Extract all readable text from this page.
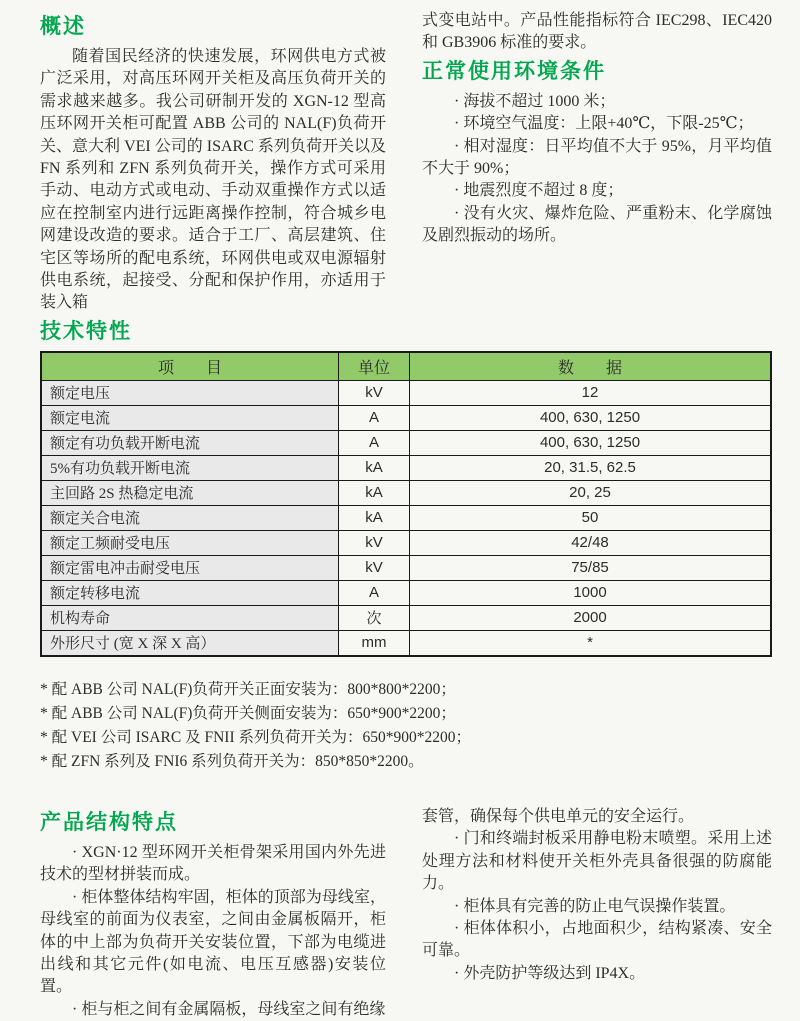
概述

随着国民经济的快速发展，环网供电方式被广泛采用，对高压环网开关柜及高压负荷开关的需求越来越多。我公司研制开发的 XGN-12 型高压环网开关柜可配置 ABB 公司的 NAL(F)负荷开关、意大利 VEI 公司的 ISARC 系列负荷开关以及 FN 系列和 ZFN 系列负荷开关，操作方式可采用手动、电动方式或电动、手动双重操作方式以适应在控制室内进行远距离操作控制，符合城乡电网建设改造的要求。适合于工厂、高层建筑、住宅区等场所的配电系统，环网供电或双电源辐射供电系统，起接受、分配和保护作用，亦适用于装入箱

式变电站中。产品性能指标符合 IEC298、IEC420 和 GB3906 标准的要求。

正常使用环境条件

· 海拔不超过 1000 米；

· 环境空气温度：上限+40℃，下限-25℃；

· 相对湿度：日平均值不大于 95%，月平均值不大于 90%；

· 地震烈度不超过 8 度；

· 没有火灾、爆炸危险、严重粉末、化学腐蚀及剧烈振动的场所。

技术特性
项　　目	单位	数　　据
额定电压	kV	12
额定电流	A	400, 630, 1250
额定有功负载开断电流	A	400, 630, 1250
5%有功负载开断电流	kA	20, 31.5, 62.5
主回路 2S 热稳定电流	kA	20, 25
额定关合电流	kA	50
额定工频耐受电压	kV	42/48
额定雷电冲击耐受电压	kV	75/85
额定转移电流	A	1000
机构寿命	次	2000
外形尺寸 (宽 X 深 X 高）	mm	*

* 配 ABB 公司 NAL(F)负荷开关正面安装为：800*800*2200；

* 配 ABB 公司 NAL(F)负荷开关侧面安装为：650*900*2200；

* 配 VEI 公司 ISARC 及 FNII 系列负荷开关为：650*900*2200；

* 配 ZFN 系列及 FNI6 系列负荷开关为：850*850*2200。

产品结构特点

· XGN·12 型环网开关柜骨架采用国内外先进技术的型材拼装而成。

· 柜体整体结构牢固，柜体的顶部为母线室，母线室的前面为仪表室，之间由金属板隔开，柜体的中上部为负荷开关安装位置，下部为电缆进出线和其它元件(如电流、电压互感器)安装位置。

· 柜与柜之间有金属隔板，母线室之间有绝缘

套管，确保每个供电单元的安全运行。

· 门和终端封板采用静电粉末喷塑。采用上述处理方法和材料使开关柜外壳具备很强的防腐能力。

· 柜体具有完善的防止电气误操作装置。

· 柜体体积小，占地面积少，结构紧凑、安全可靠。

· 外壳防护等级达到 IP4X。
